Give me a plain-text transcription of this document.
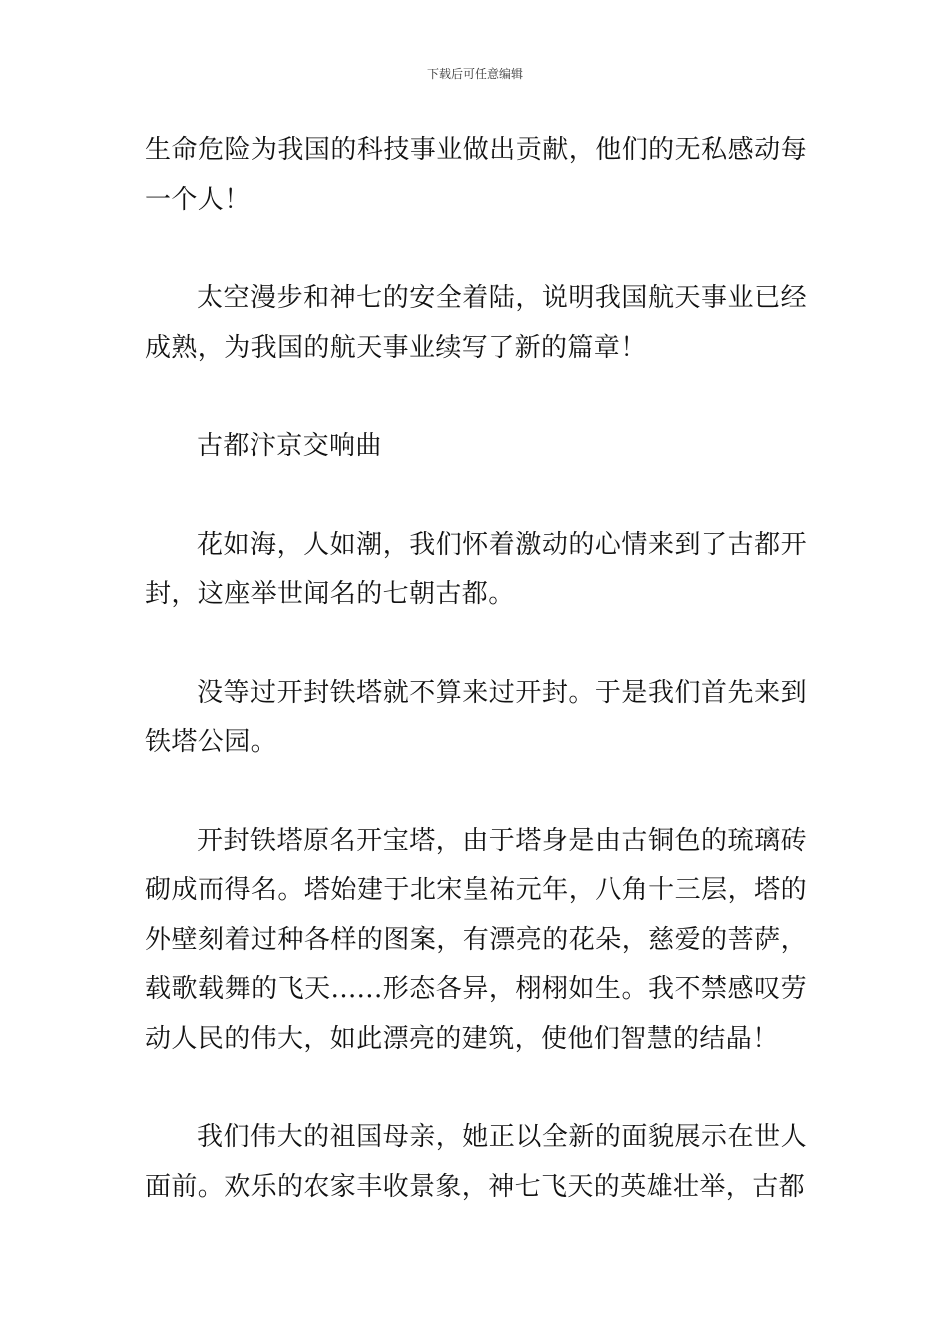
下载后可任意编辑

生命危险为我国的科技事业做出贡献，他们的无私感动每一个人！

太空漫步和神七的安全着陆，说明我国航天事业已经成熟，为我国的航天事业续写了新的篇章！

古都汴京交响曲

花如海，人如潮，我们怀着激动的心情来到了古都开封，这座举世闻名的七朝古都。

没等过开封铁塔就不算来过开封。于是我们首先来到铁塔公园。

开封铁塔原名开宝塔，由于塔身是由古铜色的琉璃砖砌成而得名。塔始建于北宋皇祐元年，八角十三层，塔的外壁刻着过种各样的图案，有漂亮的花朵，慈爱的菩萨，载歌载舞的飞天......形态各异，栩栩如生。我不禁感叹劳动人民的伟大，如此漂亮的建筑，使他们智慧的结晶！

我们伟大的祖国母亲，她正以全新的面貌展示在世人面前。欢乐的农家丰收景象，神七飞天的英雄壮举，古都
